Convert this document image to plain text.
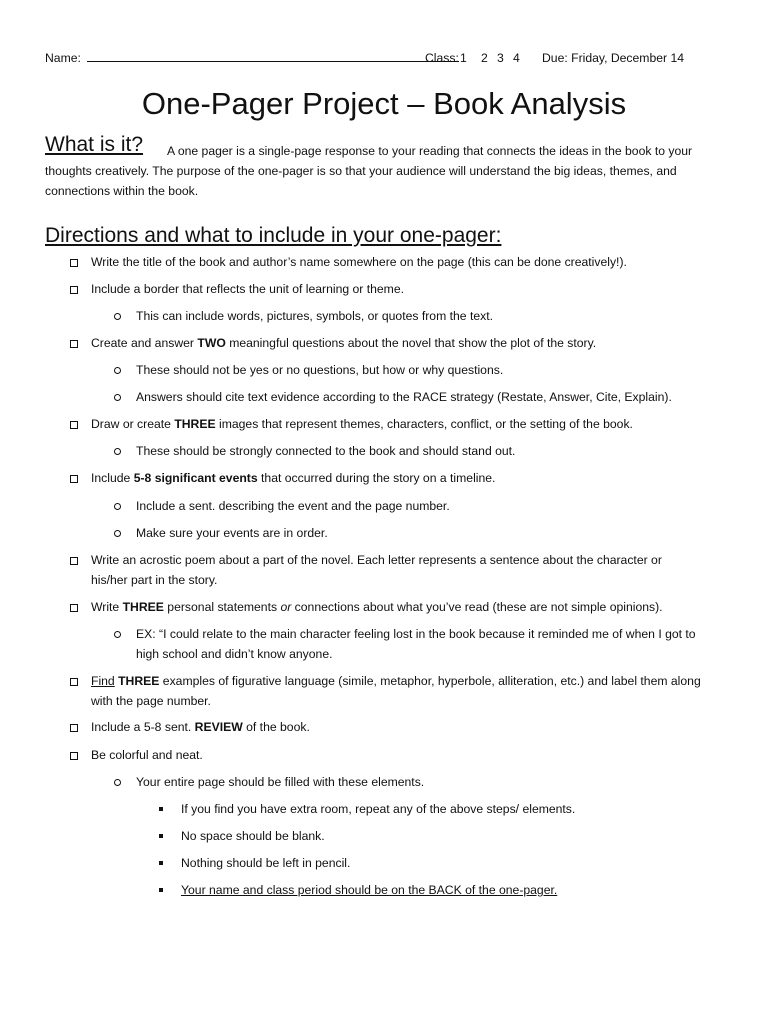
Name:	Class: 1 2 3 4 Due: Friday, December 14
One-Pager Project – Book Analysis
What is it?	A one pager is a single-page response to your reading that connects the ideas in the book to your
thoughts creatively. The purpose of the one-pager is so that your audience will understand the big ideas, themes, and
connections within the book.
Directions and what to include in your one-pager:
Write the title of the book and author’s name somewhere on the page (this can be done creatively!).
Include a border that reflects the unit of learning or theme.
This can include words, pictures, symbols, or quotes from the text.
Create and answer TWO meaningful questions about the novel that show the plot of the story.
These should not be yes or no questions, but how or why questions.
Answers should cite text evidence according to the RACE strategy (Restate, Answer, Cite, Explain).
Draw or create THREE images that represent themes, characters, conflict, or the setting of the book.
These should be strongly connected to the book and should stand out.
Include 5-8 significant events that occurred during the story on a timeline.
Include a sent. describing the event and the page number.
Make sure your events are in order.
Write an acrostic poem about a part of the novel. Each letter represents a sentence about the character or
his/her part in the story.
Write THREE personal statements or connections about what you’ve read (these are not simple opinions).
EX: “I could relate to the main character feeling lost in the book because it reminded me of when I got to
high school and didn’t know anyone.
Find THREE examples of figurative language (simile, metaphor, hyperbole, alliteration, etc.) and label them along
with the page number.
Include a 5-8 sent. REVIEW of the book.
Be colorful and neat.
Your entire page should be filled with these elements.
If you find you have extra room, repeat any of the above steps/ elements.
No space should be blank.
Nothing should be left in pencil.
Your name and class period should be on the BACK of the one-pager.
